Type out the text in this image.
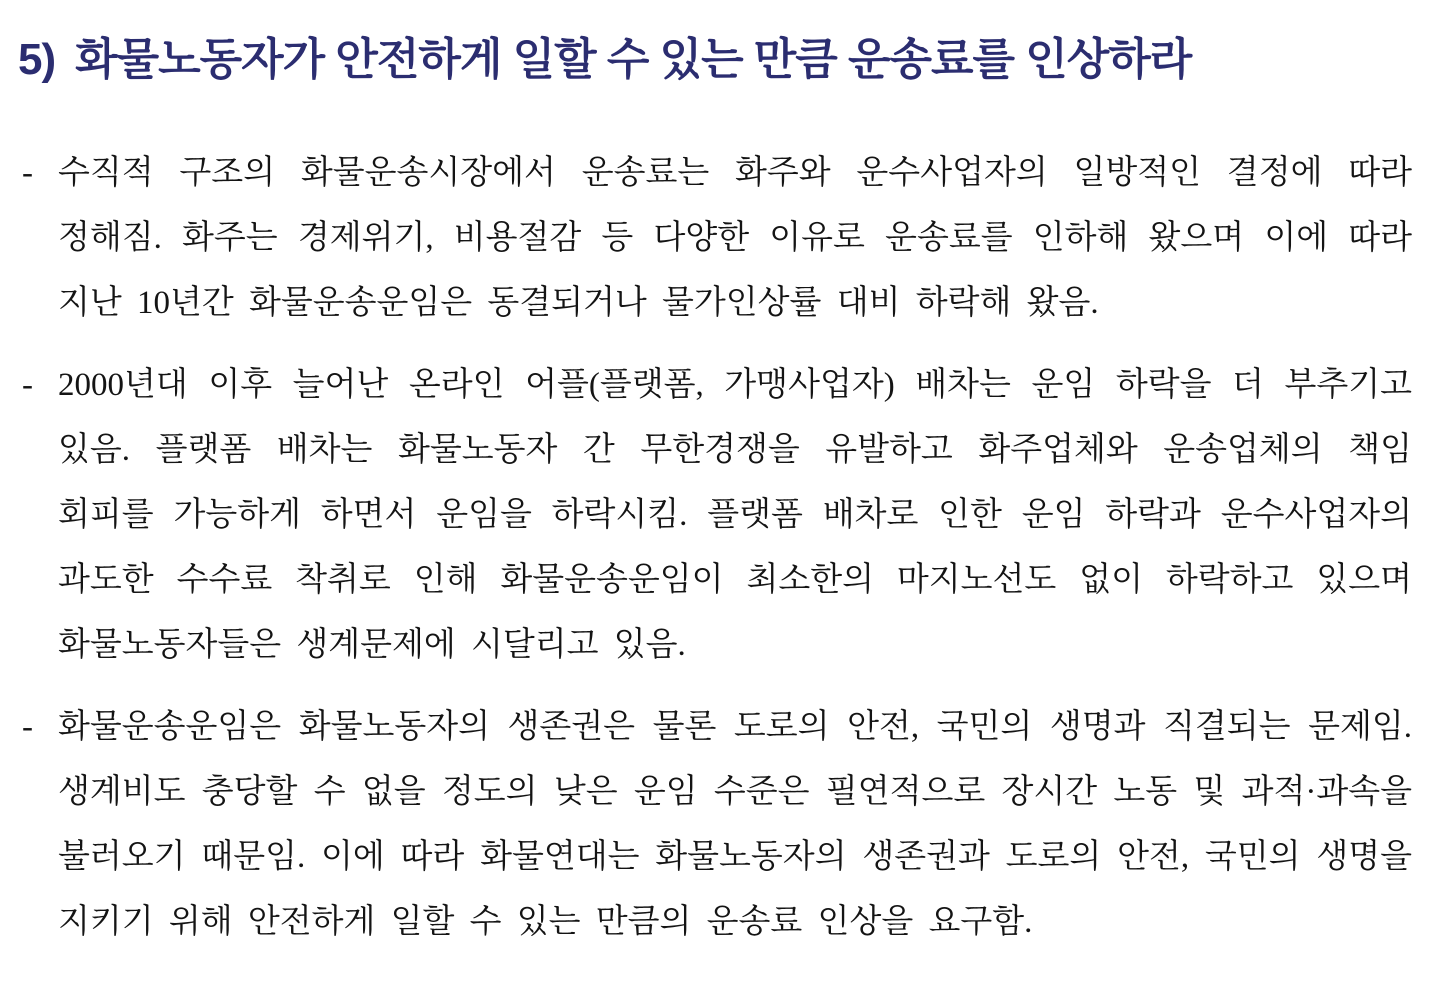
5) 화물노동자가 안전하게 일할 수 있는 만큼 운송료를 인상하라
- 수직적 구조의 화물운송시장에서 운송료는 화주와 운수사업자의 일방적인 결정에 따라 정해짐. 화주는 경제위기, 비용절감 등 다양한 이유로 운송료를 인하해 왔으며 이에 따라 지난 10년간 화물운송운임은 동결되거나 물가인상률 대비 하락해 왔음.
- 2000년대 이후 늘어난 온라인 어플(플랫폼, 가맹사업자) 배차는 운임 하락을 더 부추기고 있음. 플랫폼 배차는 화물노동자 간 무한경쟁을 유발하고 화주업체와 운송업체의 책임 회피를 가능하게 하면서 운임을 하락시킴. 플랫폼 배차로 인한 운임 하락과 운수사업자의 과도한 수수료 착취로 인해 화물운송운임이 최소한의 마지노선도 없이 하락하고 있으며 화물노동자들은 생계문제에 시달리고 있음.
- 화물운송운임은 화물노동자의 생존권은 물론 도로의 안전, 국민의 생명과 직결되는 문제임. 생계비도 충당할 수 없을 정도의 낮은 운임 수준은 필연적으로 장시간 노동 및 과적·과속을 불러오기 때문임. 이에 따라 화물연대는 화물노동자의 생존권과 도로의 안전, 국민의 생명을 지키기 위해 안전하게 일할 수 있는 만큼의 운송료 인상을 요구함.
